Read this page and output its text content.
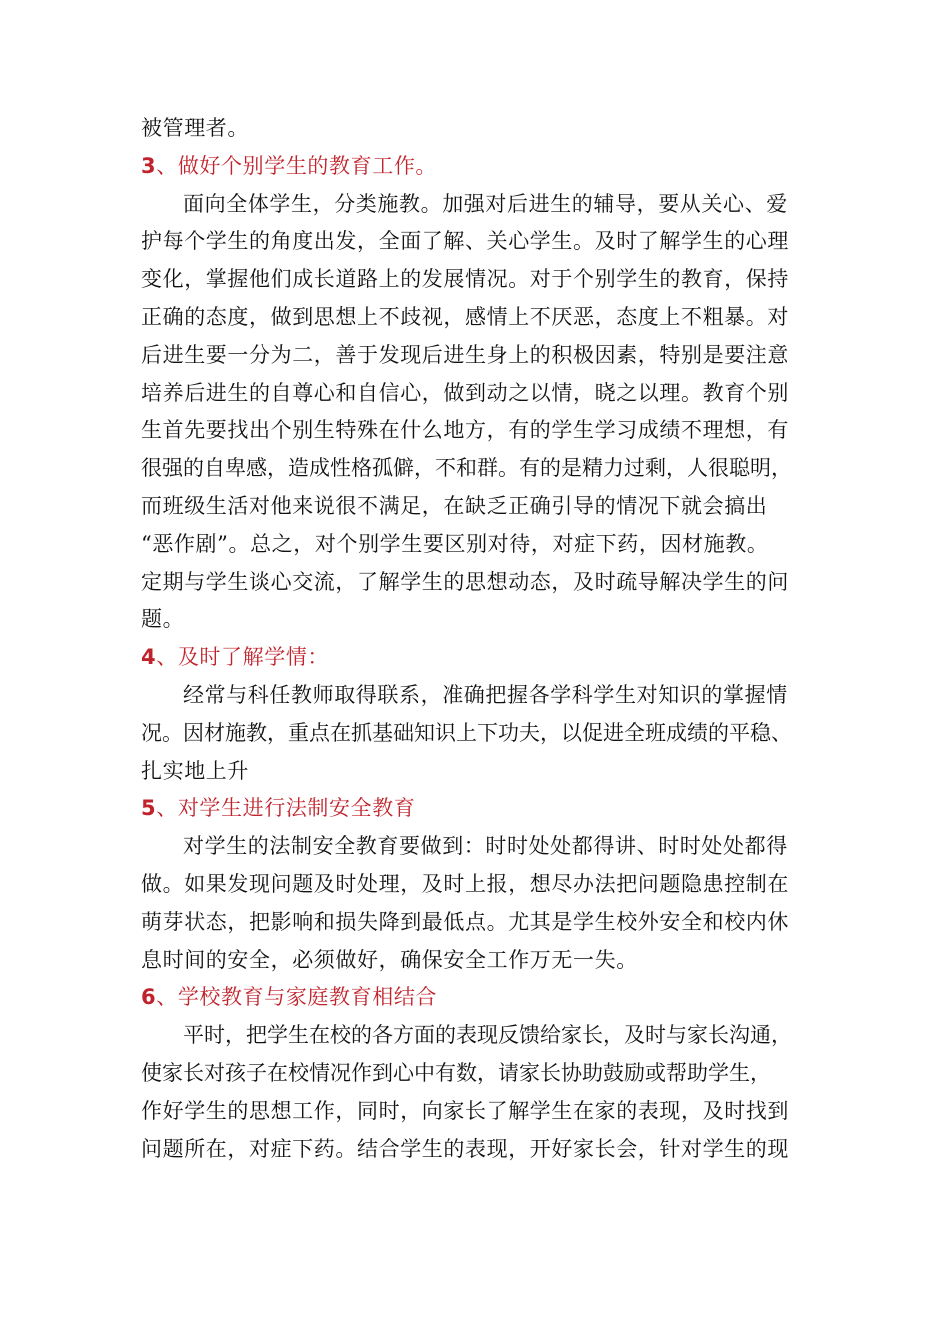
被管理者。
3、做好个别学生的教育工作。
面向全体学生，分类施教。加强对后进生的辅导，要从关心、爱
护每个学生的角度出发，全面了解、关心学生。及时了解学生的心理
变化，掌握他们成长道路上的发展情况。对于个别学生的教育，保持
正确的态度，做到思想上不歧视，感情上不厌恶，态度上不粗暴。对
后进生要一分为二，善于发现后进生身上的积极因素，特别是要注意
培养后进生的自尊心和自信心，做到动之以情，晓之以理。教育个别
生首先要找出个别生特殊在什么地方，有的学生学习成绩不理想，有
很强的自卑感，造成性格孤僻，不和群。有的是精力过剩，人很聪明，
而班级生活对他来说很不满足，在缺乏正确引导的情况下就会搞出
“恶作剧”。总之，对个别学生要区别对待，对症下药，因材施教。
定期与学生谈心交流，了解学生的思想动态，及时疏导解决学生的问
题。
4、及时了解学情：
经常与科任教师取得联系，准确把握各学科学生对知识的掌握情
况。因材施教，重点在抓基础知识上下功夫，以促进全班成绩的平稳、
扎实地上升
5、对学生进行法制安全教育
对学生的法制安全教育要做到：时时处处都得讲、时时处处都得
做。如果发现问题及时处理，及时上报，想尽办法把问题隐患控制在
萌芽状态，把影响和损失降到最低点。尤其是学生校外安全和校内休
息时间的安全，必须做好，确保安全工作万无一失。
6、学校教育与家庭教育相结合
平时，把学生在校的各方面的表现反馈给家长，及时与家长沟通，
使家长对孩子在校情况作到心中有数，请家长协助鼓励或帮助学生，
作好学生的思想工作，同时，向家长了解学生在家的表现，及时找到
问题所在，对症下药。结合学生的表现，开好家长会，针对学生的现
